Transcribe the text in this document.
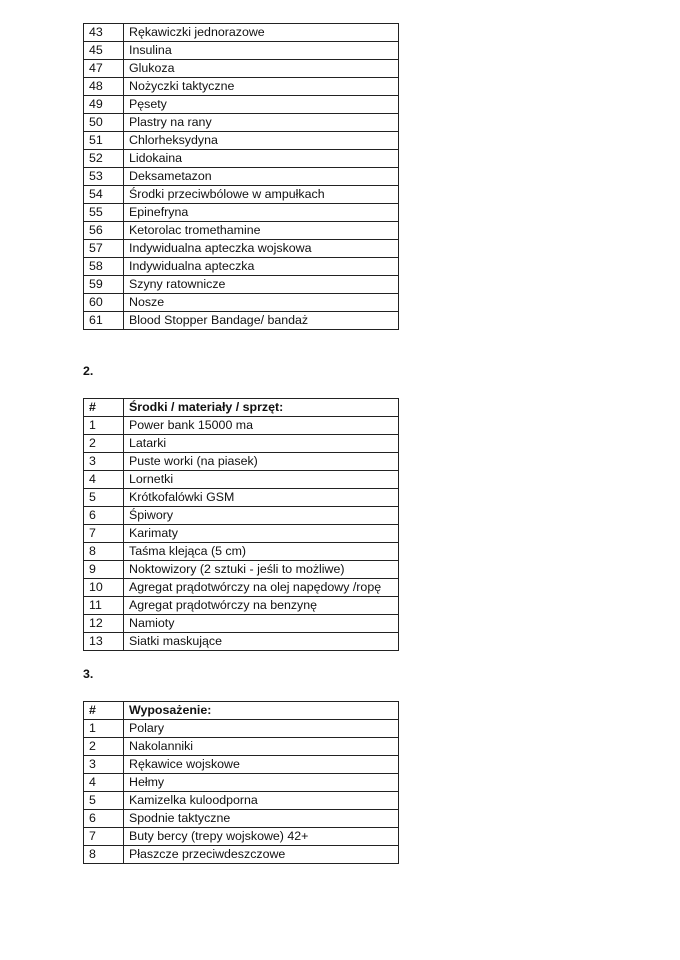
43	Rękawiczki jednorazowe
45	Insulina
47	Glukoza
48	Nożyczki taktyczne
49	Pęsety
50	Plastry na rany
51	Chlorheksydyna
52	Lidokaina
53	Deksametazon
54	Środki przeciwbólowe w ampułkach
55	Epinefryna
56	Ketorolac tromethamine
57	Indywidualna apteczka wojskowa
58	Indywidualna apteczka
59	Szyny ratownicze
60	Nosze
61	Blood Stopper Bandage/ bandaż
2.
#	Środki / materiały / sprzęt:
1	Power bank 15000 ma
2	Latarki
3	Puste worki (na piasek)
4	Lornetki
5	Krótkofalówki GSM
6	Śpiwory
7	Karimaty
8	Taśma klejąca (5 cm)
9	Noktowizory (2 sztuki - jeśli to możliwe)
10	Agregat prądotwórczy na olej napędowy /ropę
11	Agregat prądotwórczy na benzynę
12	Namioty
13	Siatki maskujące
3.
#	Wyposażenie:
1	Polary
2	Nakolanniki
3	Rękawice wojskowe
4	Hełmy
5	Kamizelka kuloodporna
6	Spodnie taktyczne
7	Buty bercy (trepy wojskowe) 42+
8	Płaszcze przeciwdeszczowe
